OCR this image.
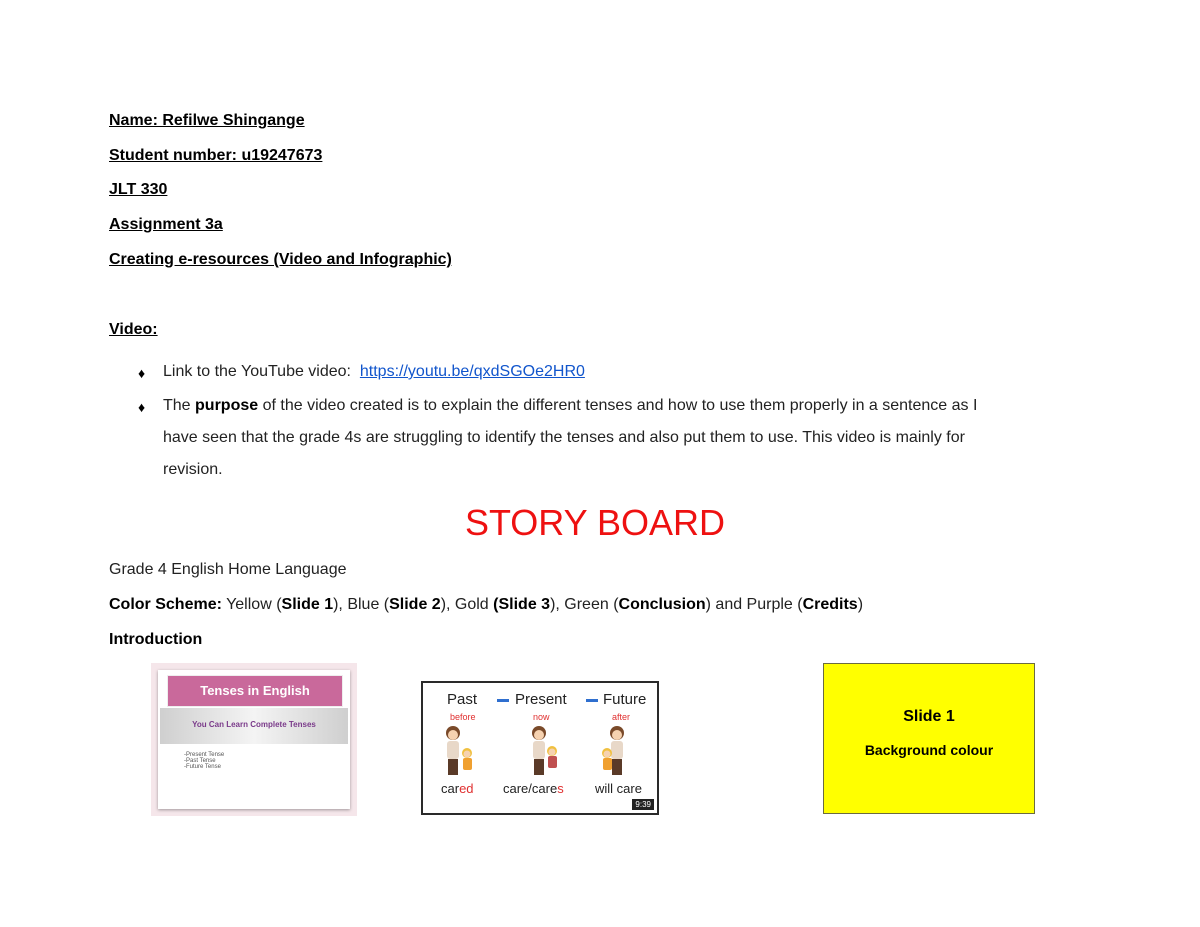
Name: Refilwe Shingange
Student number: u19247673
JLT 330
Assignment 3a
Creating e-resources (Video and Infographic)
Video:
♦ Link to the YouTube video: https://youtu.be/qxdSGOe2HR0
♦ The purpose of the video created is to explain the different tenses and how to use them properly in a sentence as I
have seen that the grade 4s are struggling to identify the tenses and also put them to use. This video is mainly for
revision.
STORY BOARD
Grade 4 English Home Language
Color Scheme: Yellow (Slide 1), Blue (Slide 2), Gold (Slide 3), Green (Conclusion) and Purple (Credits)
Introduction
Tenses in English
You Can Learn Complete Tenses
-Present Tense
-Past Tense
-Future Tense
Past
before
Present
now
Future
after
cared care/cares will care
9:39
Slide 1
Background colour
